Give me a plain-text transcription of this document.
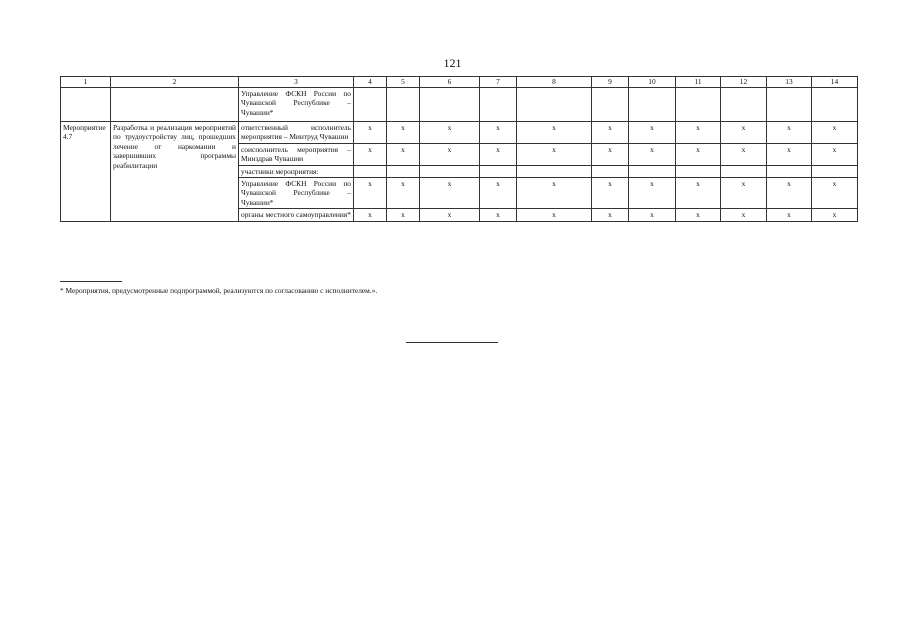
121
1	2	3	4	5	6	7	8	9	10	11	12	13	14
		Управление ФСКН России по Чувашской Республике – Чувашии*											
Мероприятие 4.7	Разработка и реализация мероприятий по трудоустройству лиц, прошедших лечение от наркомании и завершивших программы реабилитации	ответственный исполнитель мероприятия – Минтруд Чувашии	x	x	x	x	x	x	x	x	x	x	x
		соисполнитель мероприятия – Минздрав Чувашии	x	x	x	x	x	x	x	x	x	x	x
		участники мероприятия:											
		Управление ФСКН России по Чувашской Республике – Чувашии*	x	x	x	x	x	x	x	x	x	x	x
		органы местного самоуправления*	x	x	x	x	x	x	x	x	x	x	x
* Мероприятия, предусмотренные подпрограммой, реализуются по согласованию с исполнителем.».
